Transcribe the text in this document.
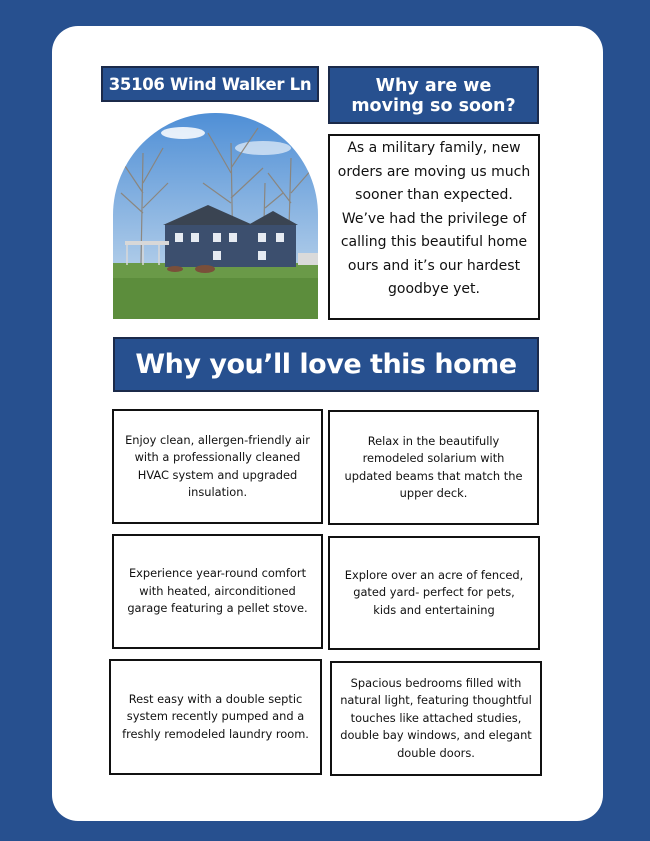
35106 Wind Walker Ln	Why are we moving so soon?
As a military family, new orders are moving us much sooner than expected. We’ve had the privilege of calling this beautiful home ours and it’s our hardest goodbye yet.
Why you’ll love this home
Enjoy clean, allergen-friendly air with a professionally cleaned HVAC system and upgraded insulation.
Relax in the beautifully remodeled solarium with updated beams that match the upper deck.
Experience year-round comfort with heated, airconditioned garage featuring a pellet stove.
Explore over an acre of fenced, gated yard- perfect for pets, kids and entertaining
Rest easy with a double septic system recently pumped and a freshly remodeled laundry room.
Spacious bedrooms filled with natural light, featuring thoughtful touches like attached studies, double bay windows, and elegant double doors.
